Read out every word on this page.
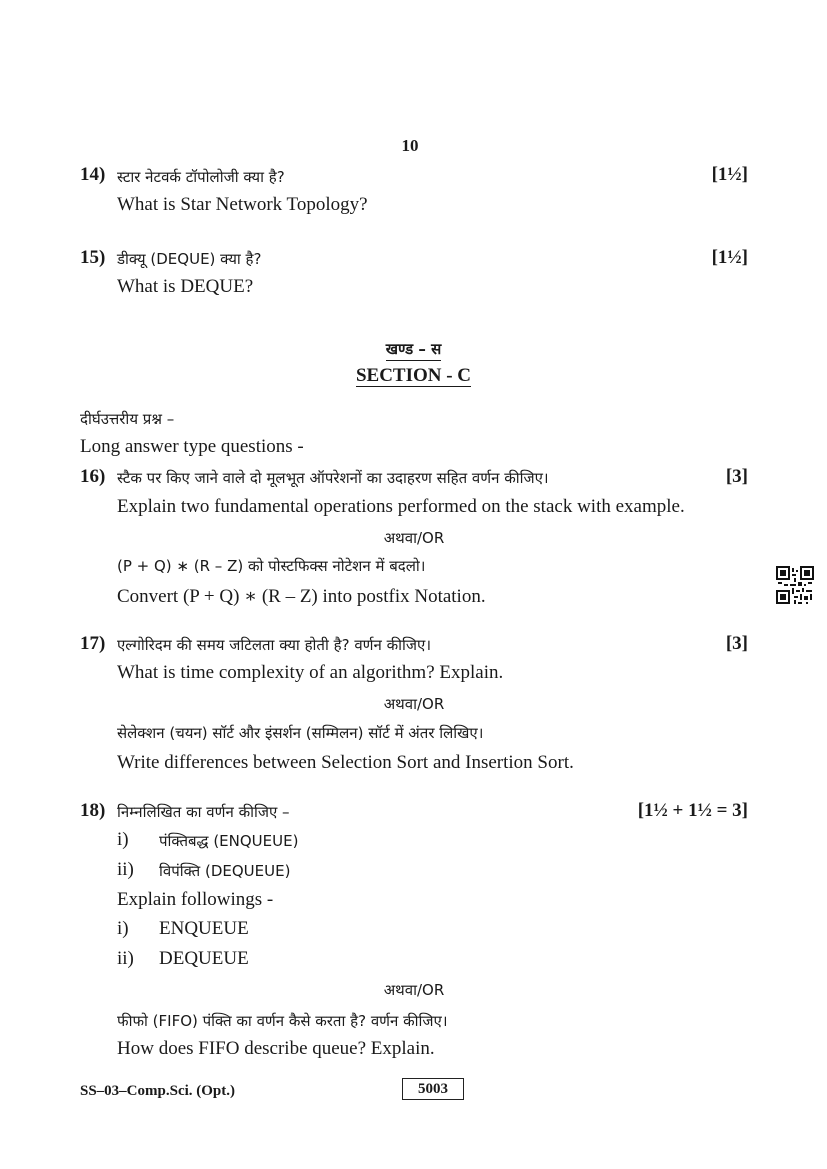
10
14) स्टार नेटवर्क टॉपोलोजी क्या है?	[1½]
What is Star Network Topology?
15) डीक्यू (DEQUE) क्या है?	[1½]
What is DEQUE?
खण्ड – स
SECTION - C
दीर्घउत्तरीय प्रश्न –
Long answer type questions -
16) स्टैक पर किए जाने वाले दो मूलभूत ऑपरेशनों का उदाहरण सहित वर्णन कीजिए।	[3]
Explain two fundamental operations performed on the stack with example.
अथवा/OR
(P + Q) ∗ (R – Z) को पोस्टफिक्स नोटेशन में बदलो।
Convert (P + Q) ∗ (R – Z) into postfix Notation.
17) एल्गोरिदम की समय जटिलता क्या होती है? वर्णन कीजिए।	[3]
What is time complexity of an algorithm? Explain.
अथवा/OR
सेलेक्शन (चयन) सॉर्ट और इंसर्शन (सम्मिलन) सॉर्ट में अंतर लिखिए।
Write differences between Selection Sort and Insertion Sort.
18) निम्नलिखित का वर्णन कीजिए –	[1½ + 1½ = 3]
i) पंक्तिबद्ध (ENQUEUE)
ii) विपंक्ति (DEQUEUE)
Explain followings -
i) ENQUEUE
ii) DEQUEUE
अथवा/OR
फीफो (FIFO) पंक्ति का वर्णन कैसे करता है? वर्णन कीजिए।
How does FIFO describe queue? Explain.
SS–03–Comp.Sci. (Opt.)	5003
